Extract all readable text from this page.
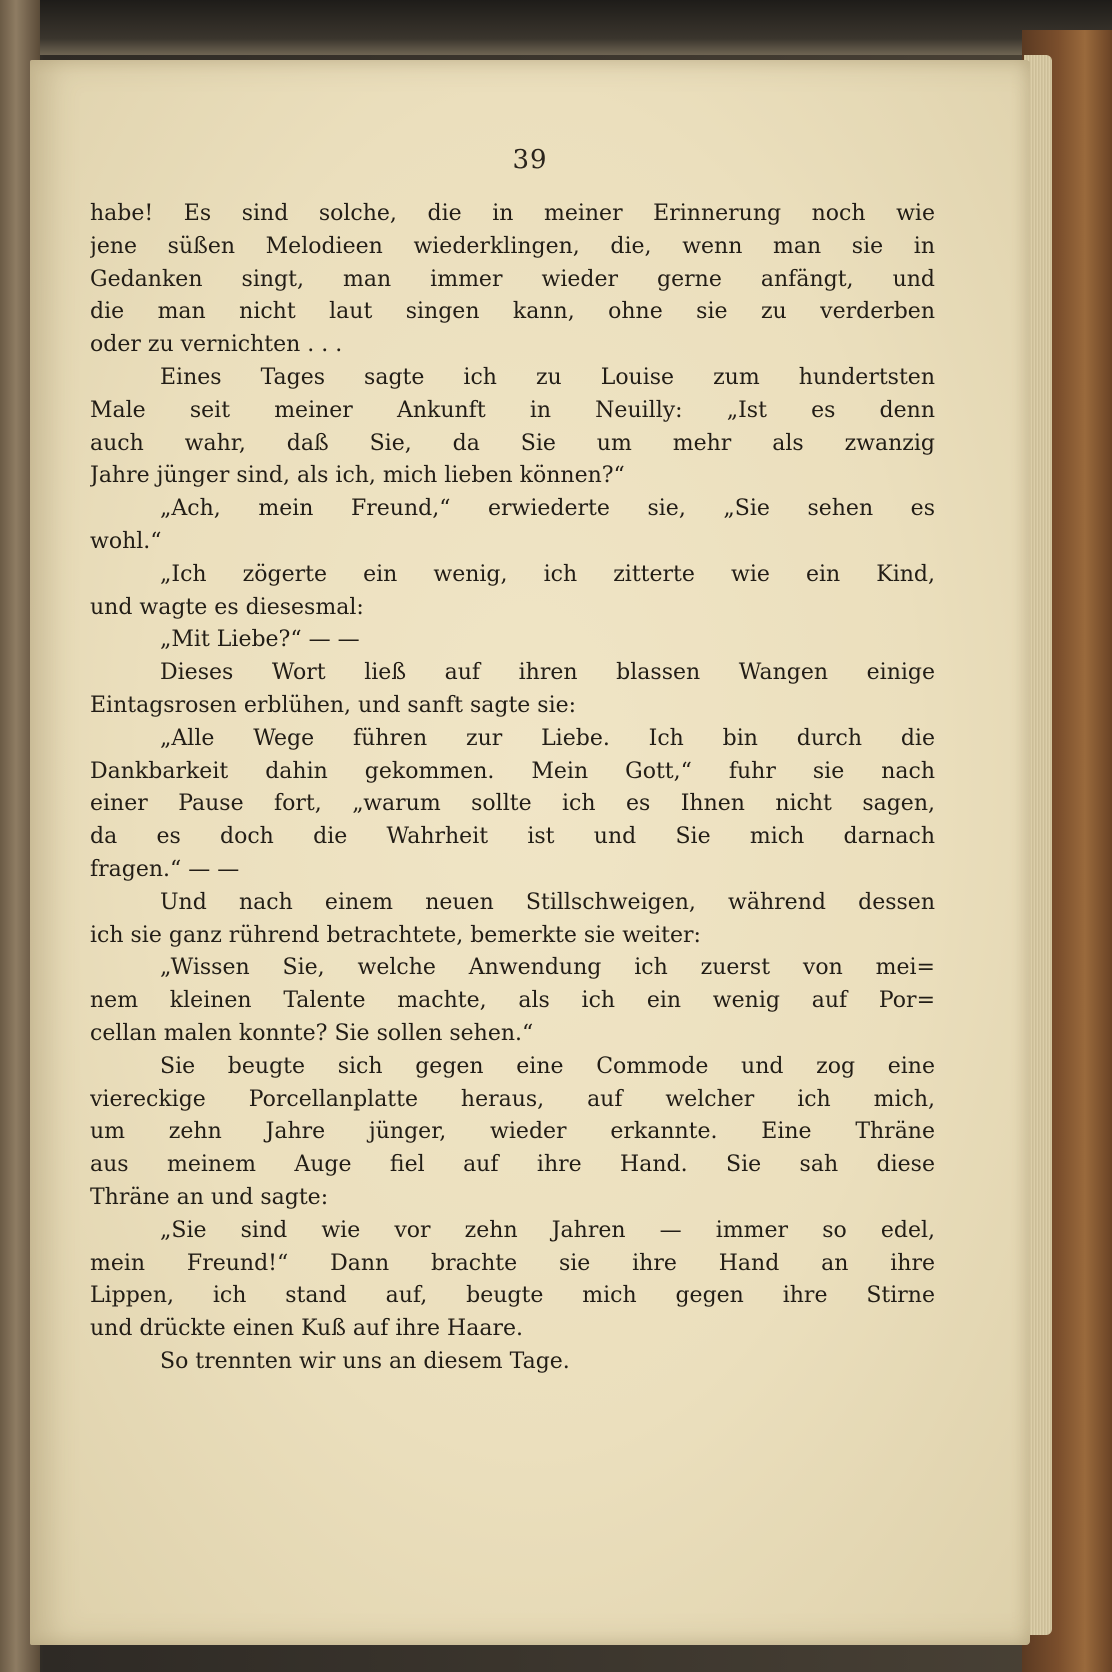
39
habe! Es sind solche, die in meiner Erinnerung noch wie
jene süßen Melodieen wiederklingen, die, wenn man sie in
Gedanken singt, man immer wieder gerne anfängt, und
die man nicht laut singen kann, ohne sie zu verderben
oder zu vernichten . . .
Eines Tages sagte ich zu Louise zum hundertsten
Male seit meiner Ankunft in Neuilly: „Ist es denn
auch wahr, daß Sie, da Sie um mehr als zwanzig
Jahre jünger sind, als ich, mich lieben können?“
„Ach, mein Freund,“ erwiederte sie, „Sie sehen es
wohl.“
„Ich zögerte ein wenig, ich zitterte wie ein Kind,
und wagte es diesesmal:
„Mit Liebe?“ — —
Dieses Wort ließ auf ihren blassen Wangen einige
Eintagsrosen erblühen, und sanft sagte sie:
„Alle Wege führen zur Liebe. Ich bin durch die
Dankbarkeit dahin gekommen. Mein Gott,“ fuhr sie nach
einer Pause fort, „warum sollte ich es Ihnen nicht sagen,
da es doch die Wahrheit ist und Sie mich darnach
fragen.“ — —
Und nach einem neuen Stillschweigen, während dessen
ich sie ganz rührend betrachtete, bemerkte sie weiter:
„Wissen Sie, welche Anwendung ich zuerst von mei=
nem kleinen Talente machte, als ich ein wenig auf Por=
cellan malen konnte? Sie sollen sehen.“
Sie beugte sich gegen eine Commode und zog eine
viereckige Porcellanplatte heraus, auf welcher ich mich,
um zehn Jahre jünger, wieder erkannte. Eine Thräne
aus meinem Auge fiel auf ihre Hand. Sie sah diese
Thräne an und sagte:
„Sie sind wie vor zehn Jahren — immer so edel,
mein Freund!“ Dann brachte sie ihre Hand an ihre
Lippen, ich stand auf, beugte mich gegen ihre Stirne
und drückte einen Kuß auf ihre Haare.
So trennten wir uns an diesem Tage.
